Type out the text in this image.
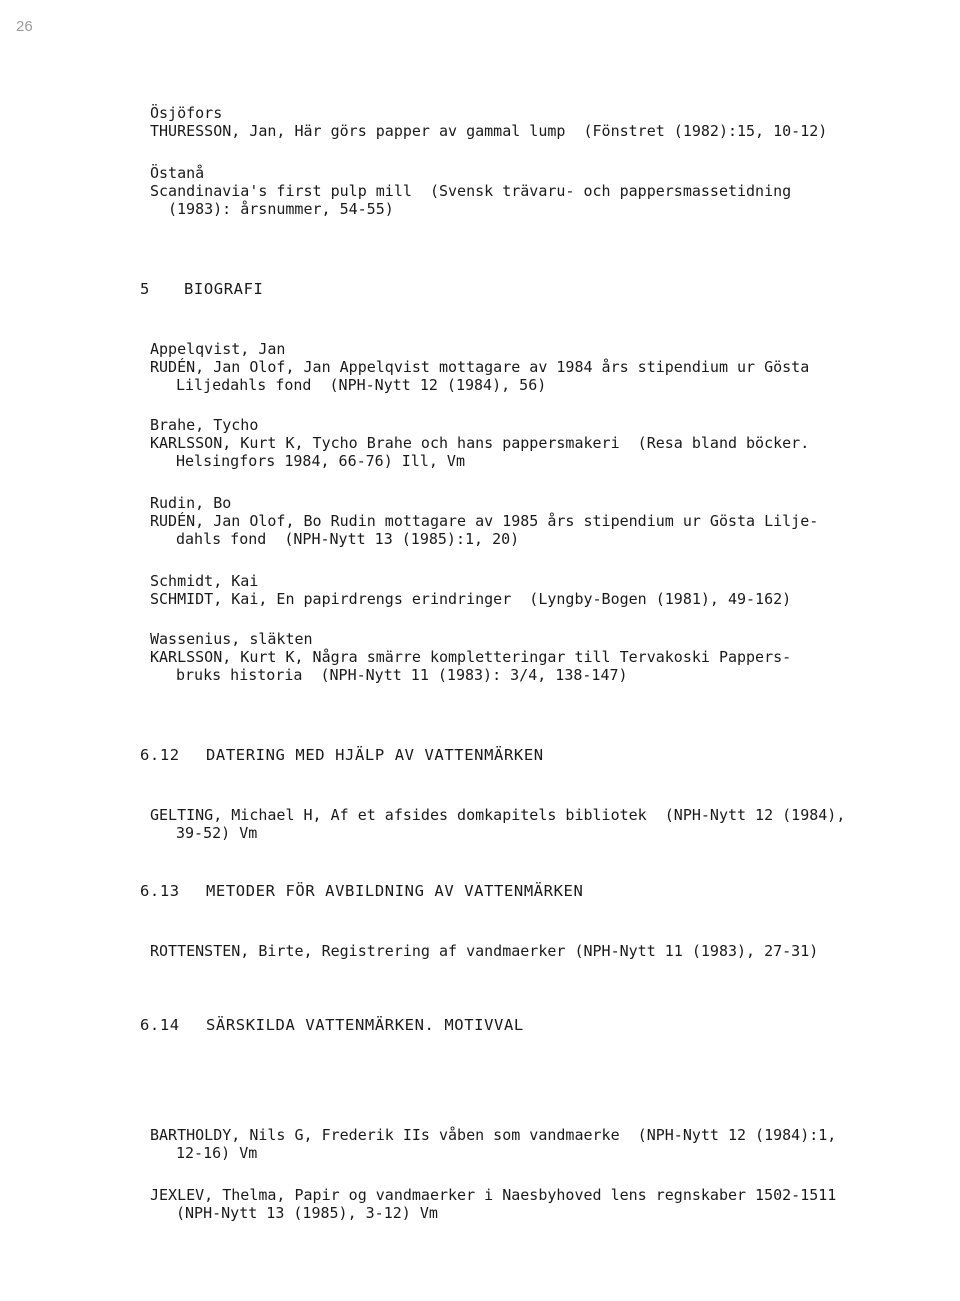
26
Ösjöfors
THURESSON, Jan, Här görs papper av gammal lump  (Fönstret (1982):15, 10-12)
Östanå
Scandinavia's first pulp mill  (Svensk trävaru- och pappersmassetidning
(1983): årsnummer, 54-55)
5 BIOGRAFI
Appelqvist, Jan
RUDÉN, Jan Olof, Jan Appelqvist mottagare av 1984 års stipendium ur Gösta
Liljedahls fond  (NPH-Nytt 12 (1984), 56)
Brahe, Tycho
KARLSSON, Kurt K, Tycho Brahe och hans pappersmakeri  (Resa bland böcker.
Helsingfors 1984, 66-76) Ill, Vm
Rudin, Bo
RUDÉN, Jan Olof, Bo Rudin mottagare av 1985 års stipendium ur Gösta Lilje-
dahls fond  (NPH-Nytt 13 (1985):1, 20)
Schmidt, Kai
SCHMIDT, Kai, En papirdrengs erindringer  (Lyngby-Bogen (1981), 49-162)
Wassenius, släkten
KARLSSON, Kurt K, Några smärre kompletteringar till Tervakoski Pappers-
bruks historia  (NPH-Nytt 11 (1983): 3/4, 138-147)
6.12 DATERING MED HJÄLP AV VATTENMÄRKEN
GELTING, Michael H, Af et afsides domkapitels bibliotek  (NPH-Nytt 12 (1984),
39-52) Vm
6.13 METODER FÖR AVBILDNING AV VATTENMÄRKEN
ROTTENSTEN, Birte, Registrering af vandmaerker (NPH-Nytt 11 (1983), 27-31)
6.14 SÄRSKILDA VATTENMÄRKEN. MOTIVVAL
BARTHOLDY, Nils G, Frederik IIs våben som vandmaerke  (NPH-Nytt 12 (1984):1,
12-16) Vm
JEXLEV, Thelma, Papir og vandmaerker i Naesbyhoved lens regnskaber 1502-1511
(NPH-Nytt 13 (1985), 3-12) Vm
